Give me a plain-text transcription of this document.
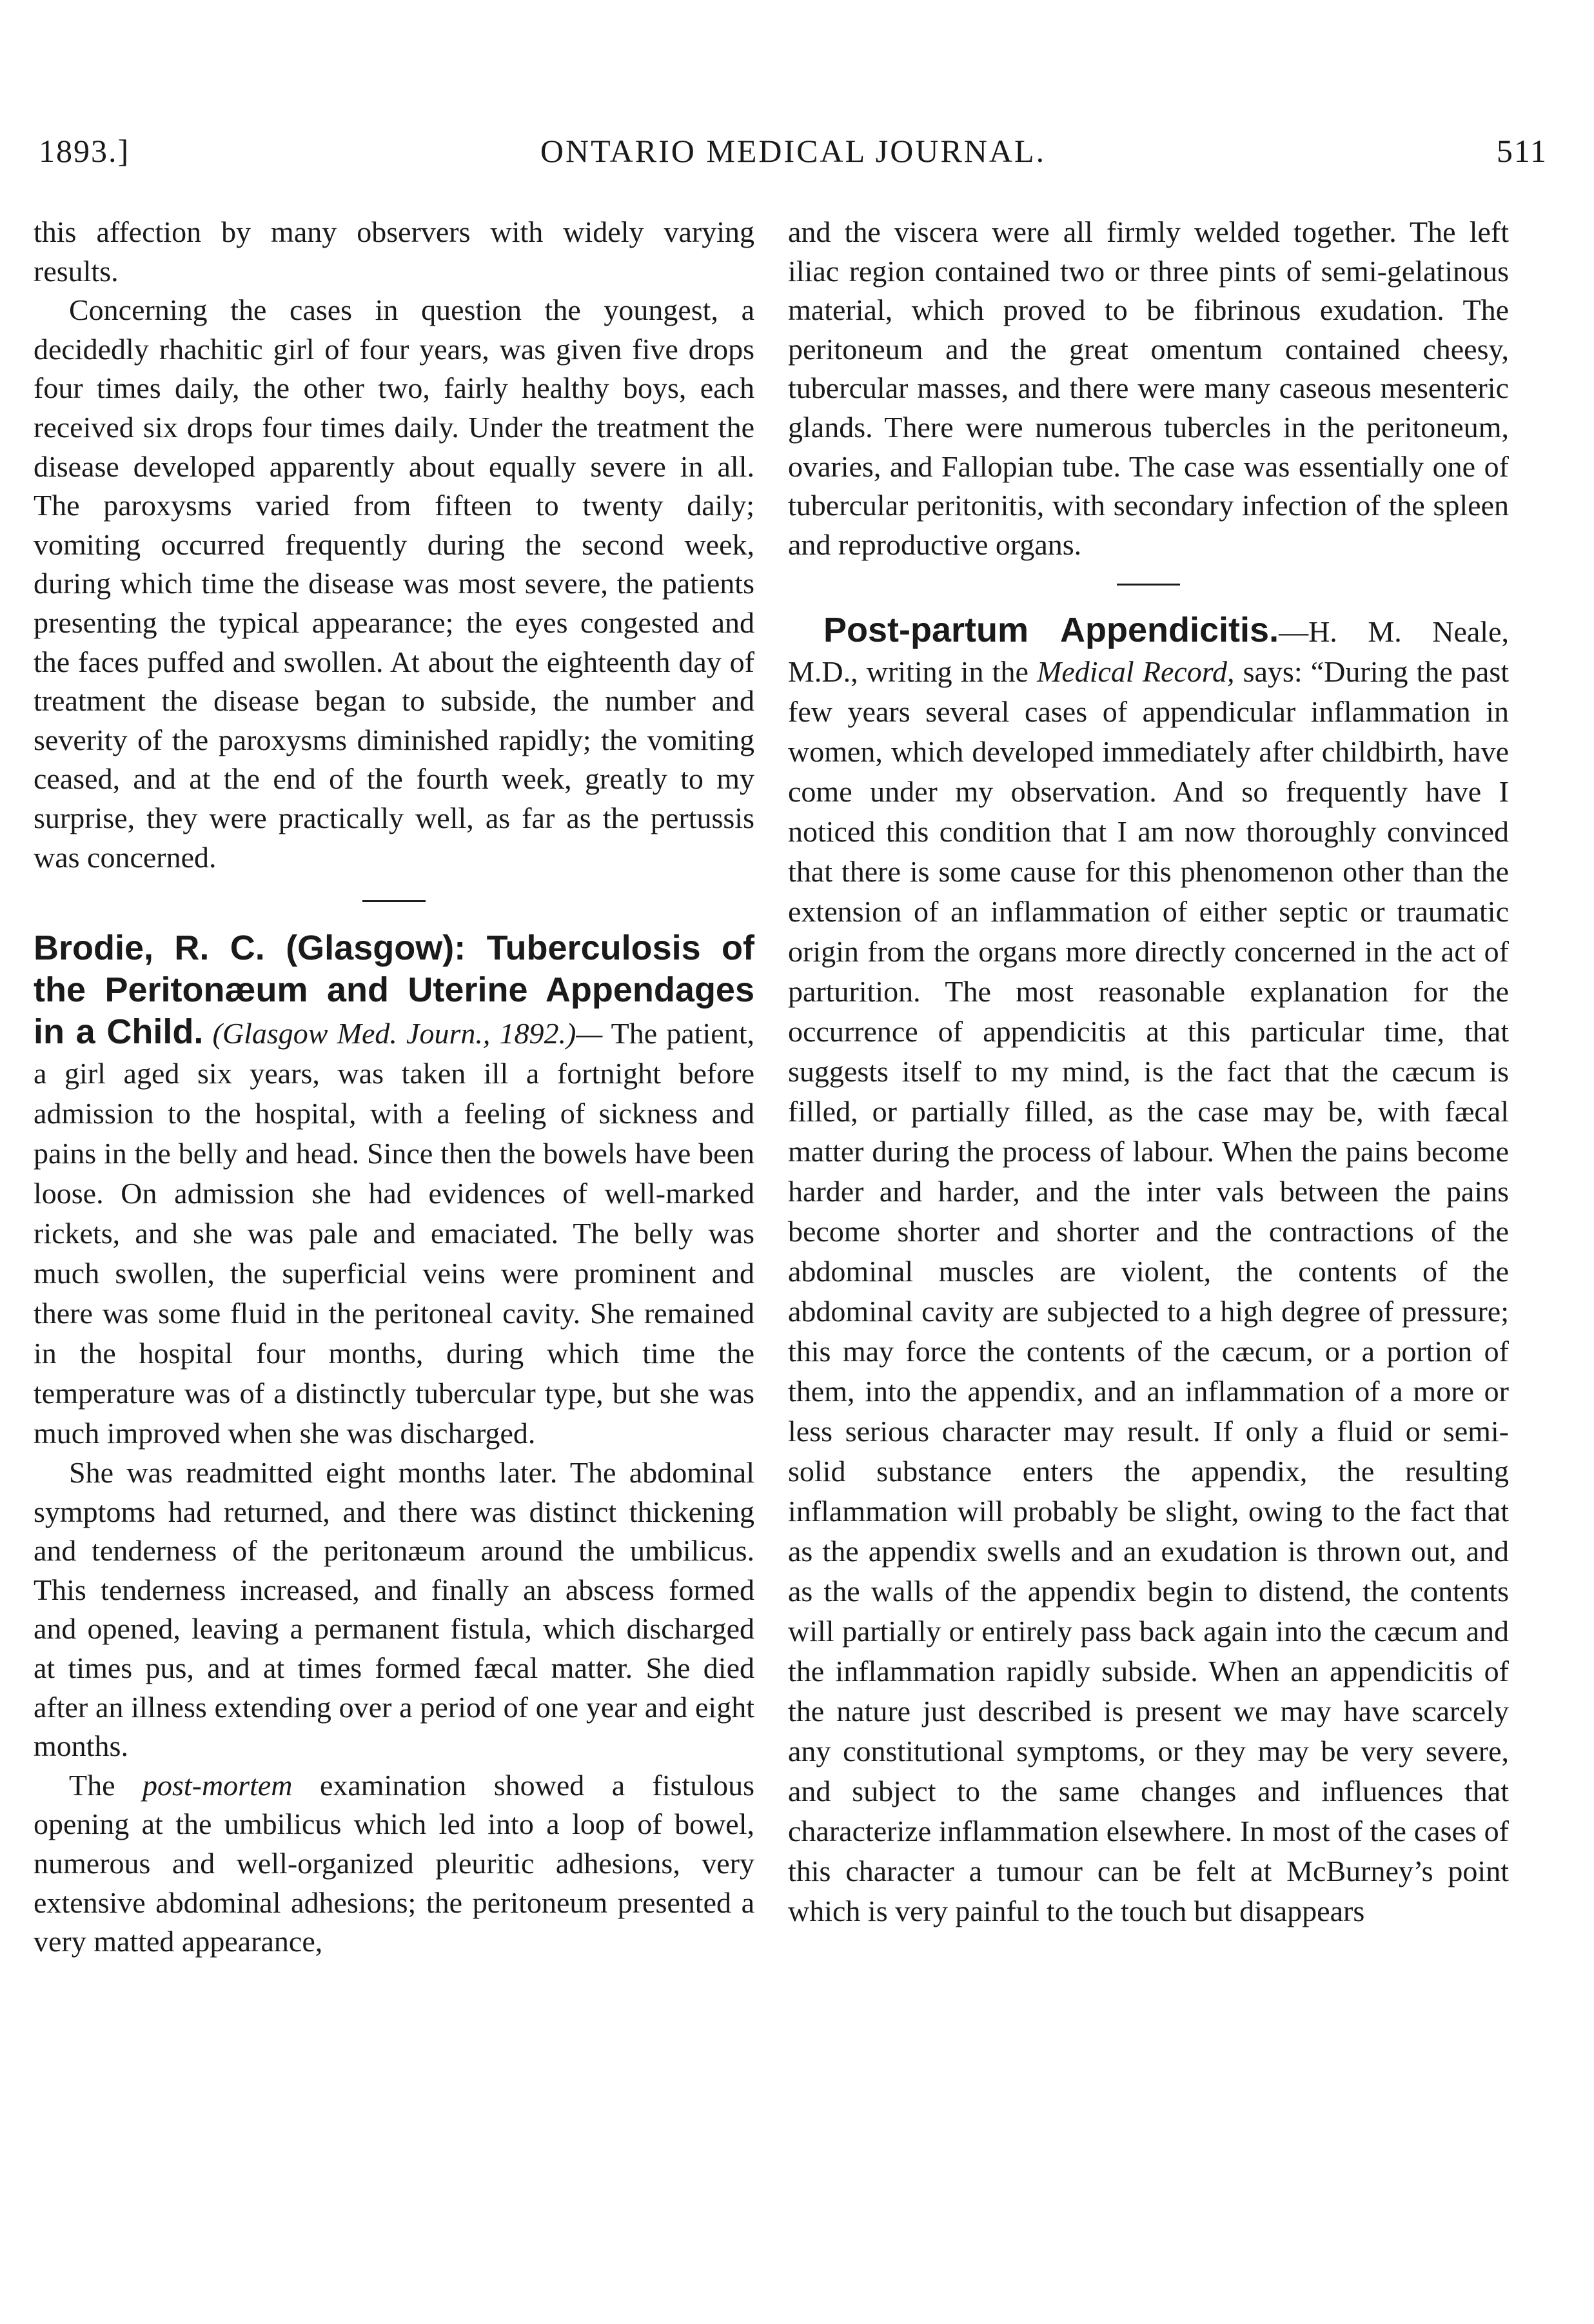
1893.]	ONTARIO MEDICAL JOURNAL.	511

this affection by many observers with widely varying results.

Concerning the cases in question the youngest, a decidedly rhachitic girl of four years, was given five drops four times daily, the other two, fairly healthy boys, each received six drops four times daily. Under the treatment the disease developed apparently about equally severe in all. The paroxysms varied from fifteen to twenty daily; vomiting occurred frequently during the second week, during which time the disease was most severe, the patients presenting the typical appearance; the eyes congested and the faces puffed and swollen. At about the eighteenth day of treatment the disease began to subside, the number and severity of the paroxysms diminished rapidly; the vomiting ceased, and at the end of the fourth week, greatly to my surprise, they were practically well, as far as the pertussis was concerned.

Brodie, R. C. (Glasgow): Tuberculosis of the Peritonæum and Uterine Appendages in a Child. (Glasgow Med. Journ., 1892.)— The patient, a girl aged six years, was taken ill a fortnight before admission to the hospital, with a feeling of sickness and pains in the belly and head. Since then the bowels have been loose. On admission she had evidences of well-marked rickets, and she was pale and emaciated. The belly was much swollen, the superficial veins were prominent and there was some fluid in the peritoneal cavity. She remained in the hospital four months, during which time the temperature was of a distinctly tubercular type, but she was much improved when she was discharged.

She was readmitted eight months later. The abdominal symptoms had returned, and there was distinct thickening and tenderness of the peritonæum around the umbilicus. This tenderness increased, and finally an abscess formed and opened, leaving a permanent fistula, which discharged at times pus, and at times formed fæcal matter. She died after an illness extending over a period of one year and eight months.

The post-mortem examination showed a fistulous opening at the umbilicus which led into a loop of bowel, numerous and well-organized pleuritic adhesions, very extensive abdominal adhesions; the peritoneum presented a very matted appearance,

and the viscera were all firmly welded together. The left iliac region contained two or three pints of semi-gelatinous material, which proved to be fibrinous exudation. The peritoneum and the great omentum contained cheesy, tubercular masses, and there were many caseous mesenteric glands. There were numerous tubercles in the peritoneum, ovaries, and Fallopian tube. The case was essentially one of tubercular peritonitis, with secondary infection of the spleen and reproductive organs.

Post-partum Appendicitis.—H. M. Neale, M.D., writing in the Medical Record, says: “During the past few years several cases of appendicular inflammation in women, which developed immediately after childbirth, have come under my observation. And so frequently have I noticed this condition that I am now thoroughly convinced that there is some cause for this phenomenon other than the extension of an inflammation of either septic or traumatic origin from the organs more directly concerned in the act of parturition. The most reasonable explanation for the occurrence of appendicitis at this particular time, that suggests itself to my mind, is the fact that the cæcum is filled, or partially filled, as the case may be, with fæcal matter during the process of labour. When the pains become harder and harder, and the inter vals between the pains become shorter and shorter and the contractions of the abdominal muscles are violent, the contents of the abdominal cavity are subjected to a high degree of pressure; this may force the contents of the cæcum, or a portion of them, into the appendix, and an inflammation of a more or less serious character may result. If only a fluid or semi-solid substance enters the appendix, the resulting inflammation will probably be slight, owing to the fact that as the appendix swells and an exudation is thrown out, and as the walls of the appendix begin to distend, the contents will partially or entirely pass back again into the cæcum and the inflammation rapidly subside. When an appendicitis of the nature just described is present we may have scarcely any constitutional symptoms, or they may be very severe, and subject to the same changes and influences that characterize inflammation elsewhere. In most of the cases of this character a tumour can be felt at McBurney’s point which is very painful to the touch but disappears
